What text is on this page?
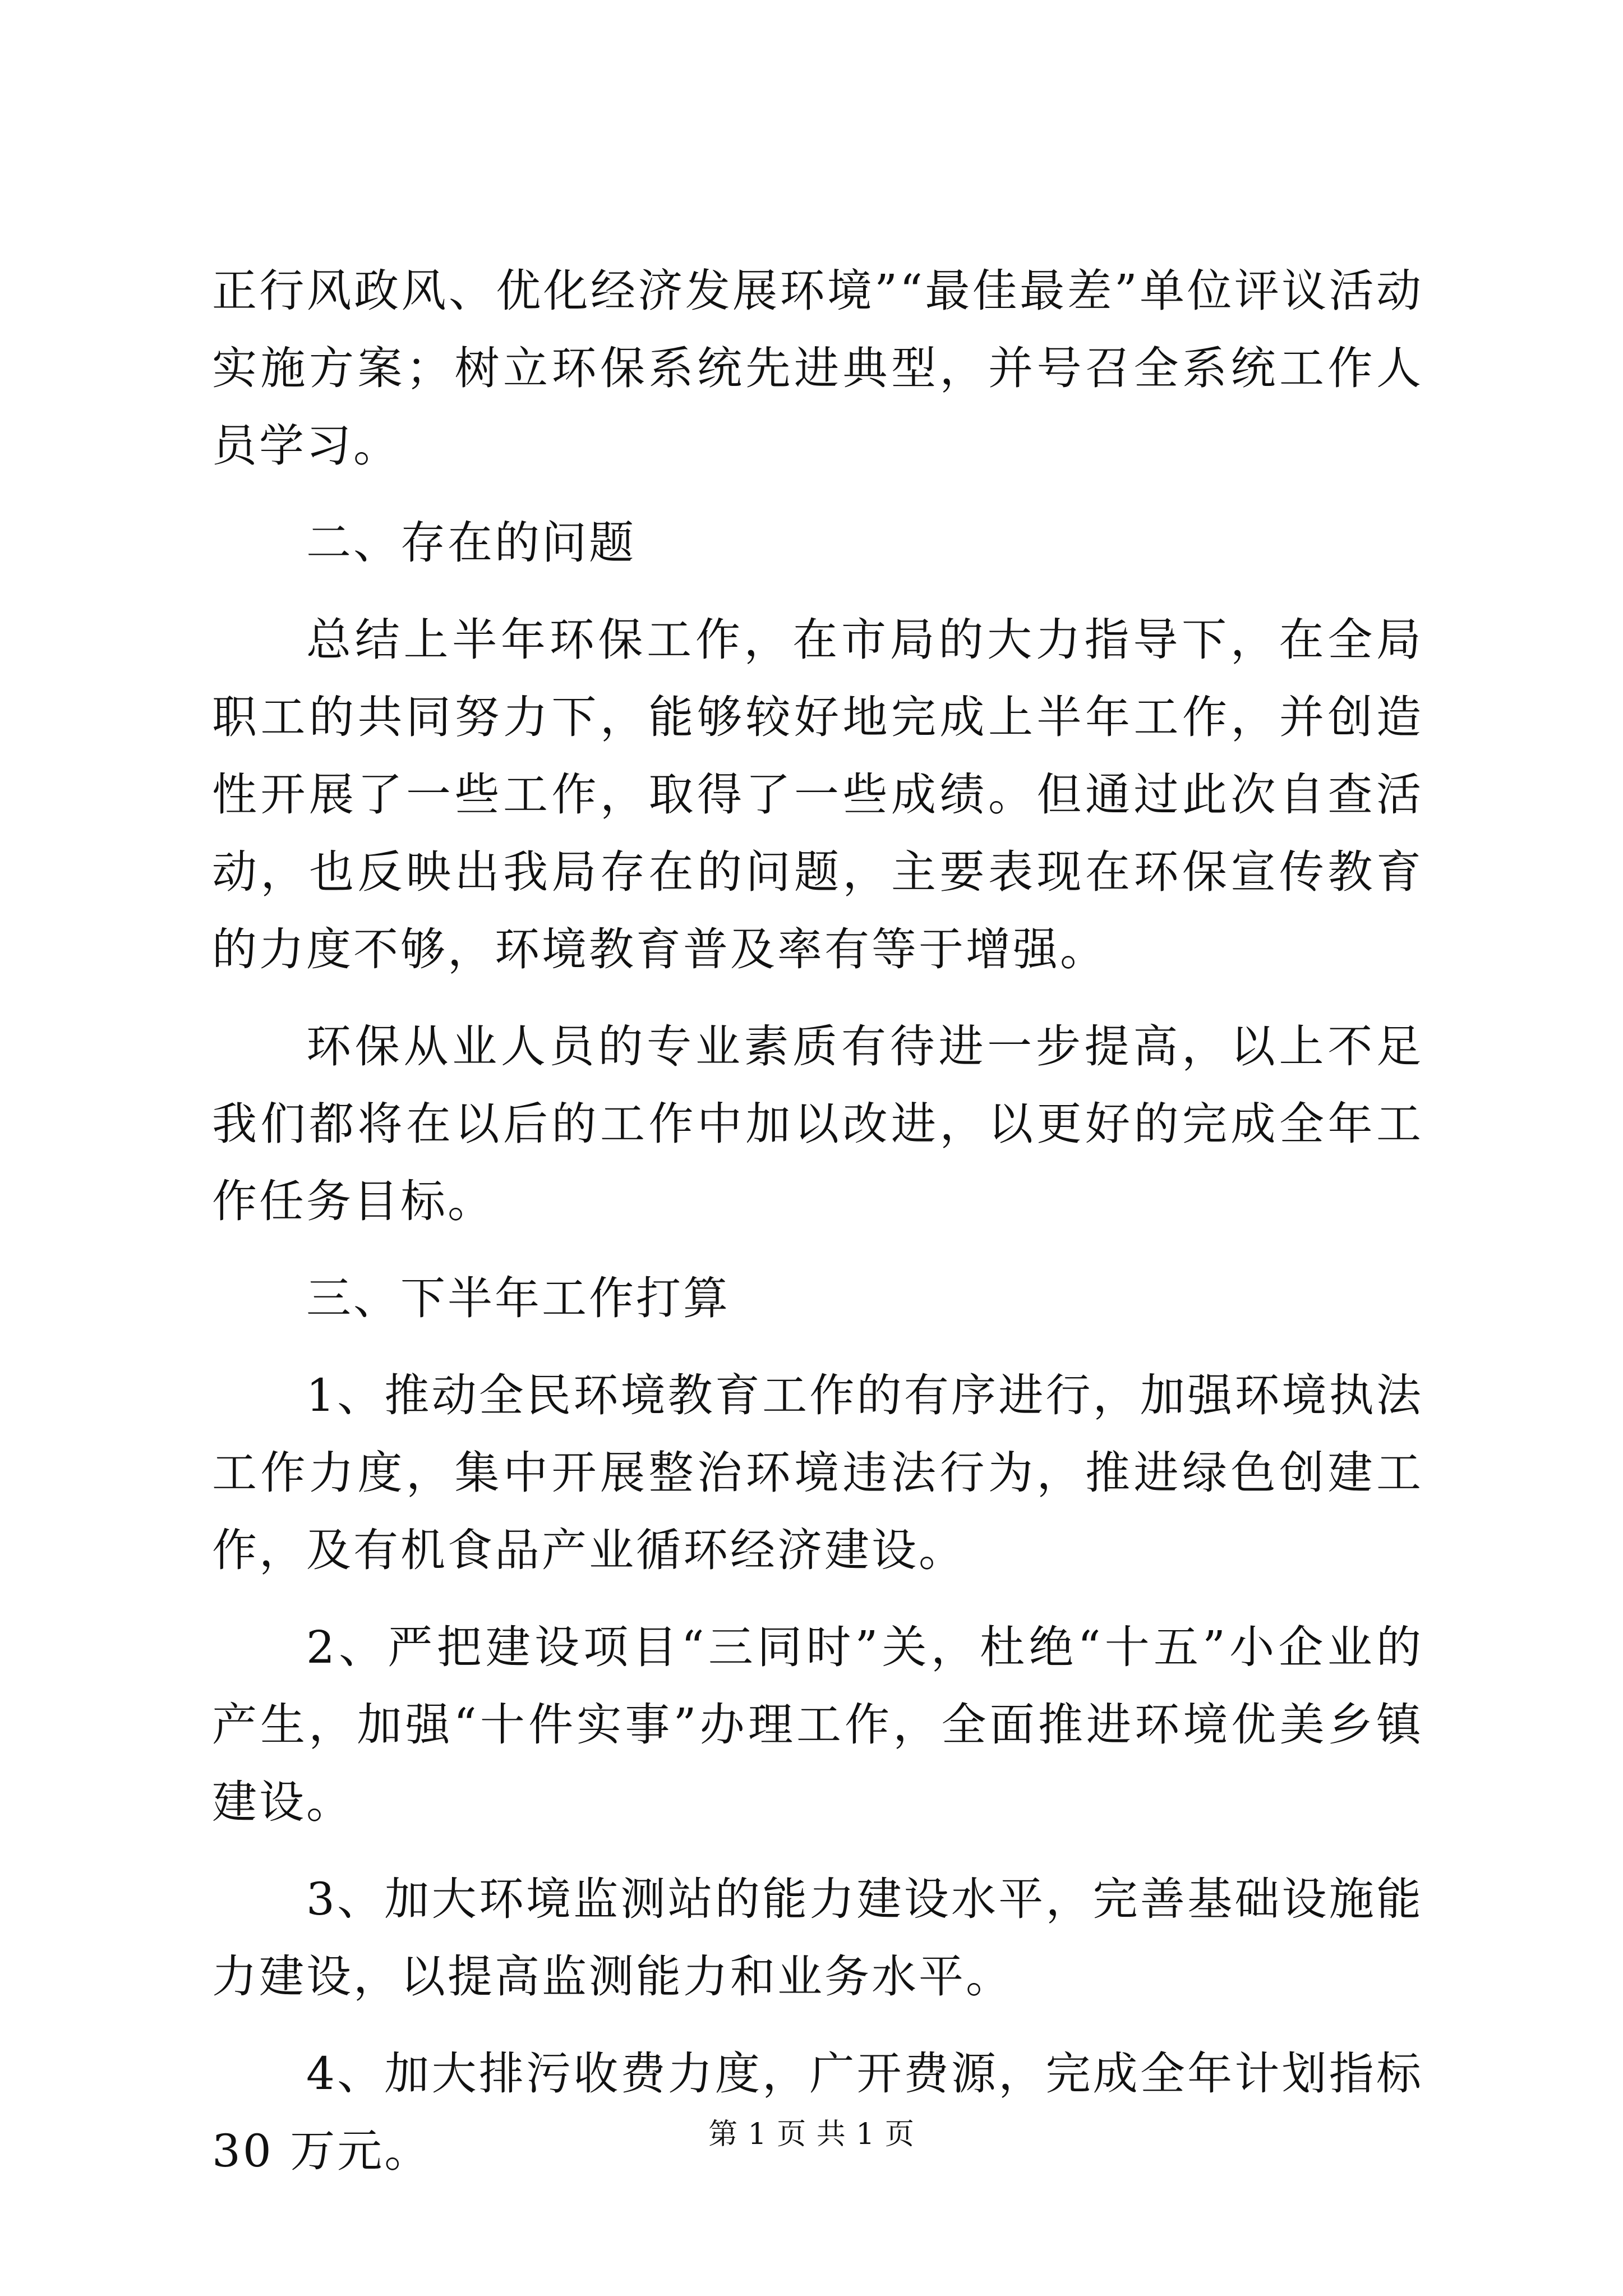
正行风政风、优化经济发展环境”“最佳最差”单位评议活动实施方案；树立环保系统先进典型，并号召全系统工作人员学习。

二、存在的问题

总结上半年环保工作，在市局的大力指导下，在全局职工的共同努力下，能够较好地完成上半年工作，并创造性开展了一些工作，取得了一些成绩。但通过此次自查活动，也反映出我局存在的问题，主要表现在环保宣传教育的力度不够，环境教育普及率有等于增强。

环保从业人员的专业素质有待进一步提高，以上不足我们都将在以后的工作中加以改进，以更好的完成全年工作任务目标。

三、下半年工作打算

1、推动全民环境教育工作的有序进行，加强环境执法工作力度，集中开展整治环境违法行为，推进绿色创建工作，及有机食品产业循环经济建设。

2、严把建设项目“三同时”关，杜绝“十五”小企业的产生，加强“十件实事”办理工作，全面推进环境优美乡镇建设。

3、加大环境监测站的能力建设水平，完善基础设施能力建设，以提高监测能力和业务水平。

4、加大排污收费力度，广开费源，完成全年计划指标 30 万元。	第 1 页 共 1 页
